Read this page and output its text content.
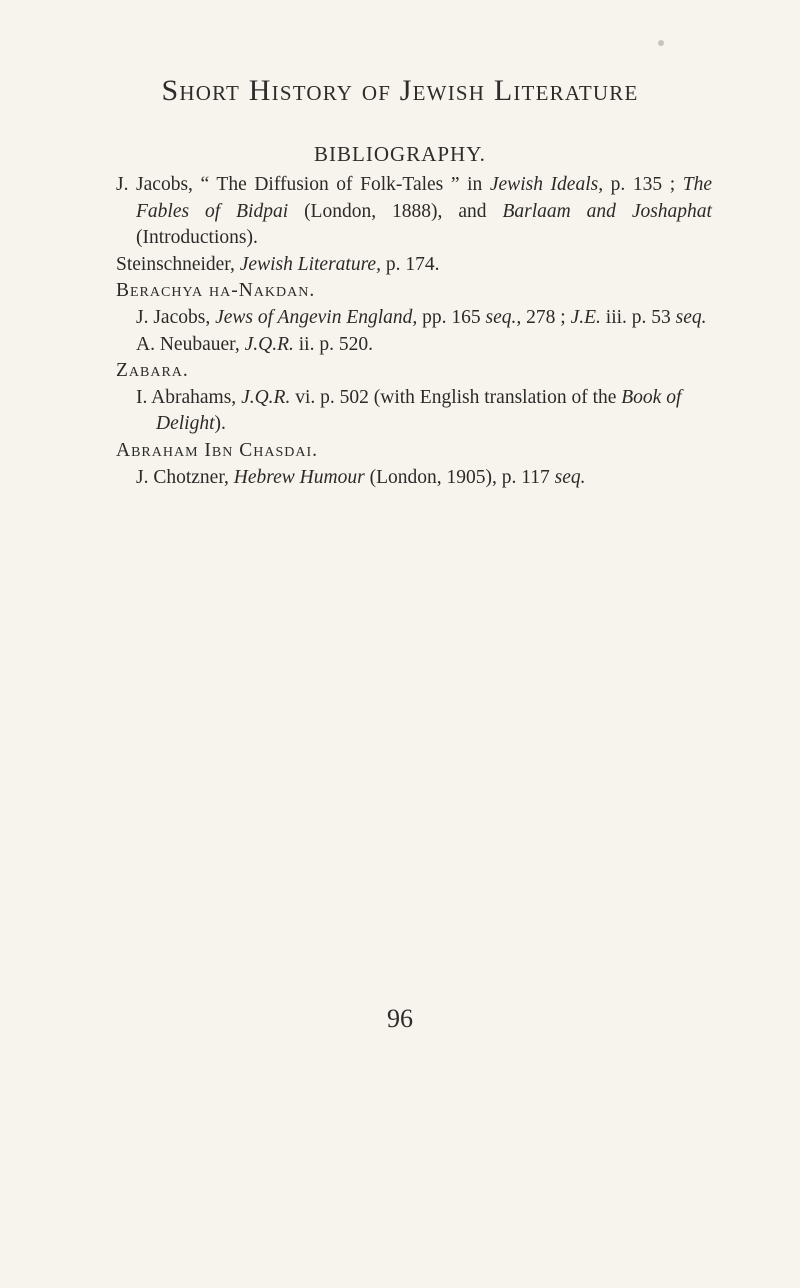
Short History of Jewish Literature
BIBLIOGRAPHY.

J. Jacobs, “ The Diffusion of Folk-Tales ” in Jewish Ideals, p. 135 ; The Fables of Bidpai (London, 1888), and Barlaam and Joshaphat (Introductions).

Steinschneider, Jewish Literature, p. 174.

Berachya ha-Nakdan.

J. Jacobs, Jews of Angevin England, pp. 165 seq., 278 ; J.E. iii. p. 53 seq.

A. Neubauer, J.Q.R. ii. p. 520.

Zabara.

I. Abrahams, J.Q.R. vi. p. 502 (with English translation of the Book of Delight).

Abraham Ibn Chasdai.

J. Chotzner, Hebrew Humour (London, 1905), p. 117 seq.

96
